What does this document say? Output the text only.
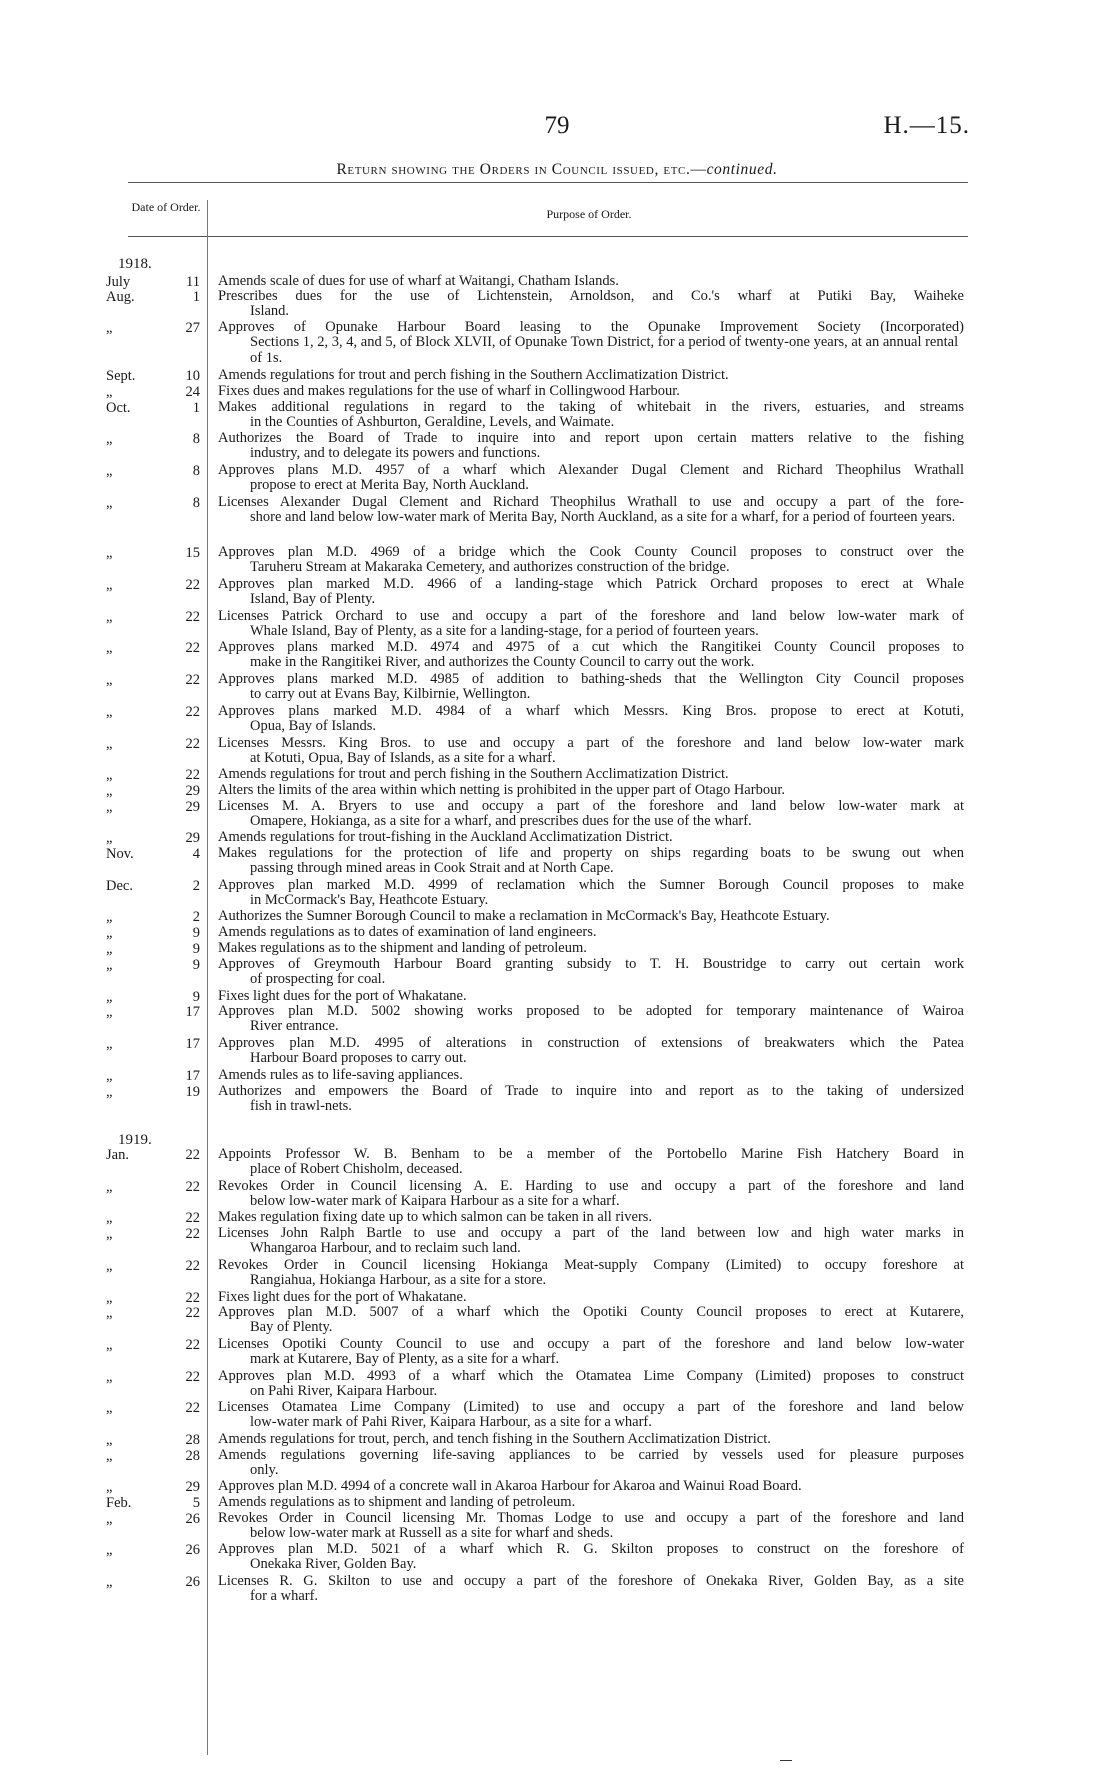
79	H.—15.
Return showing the Orders in Council issued, etc.—continued.
Date of Order.	Purpose of Order.
1918.
1919.
July	11 Amends scale of dues for use of wharf at Waitangi, Chatham Islands.
Aug.	1 Prescribes dues for the use of Lichtenstein, Arnoldson, and Co.'s wharf at Putiki Bay, Waiheke
Island.
„	27 Approves of Opunake Harbour Board leasing to the Opunake Improvement Society (Incorporated)
Sections 1, 2, 3, 4, and 5, of Block XLVII, of Opunake Town District, for a period of twenty-one years, at an annual rental of 1s.
Sept.	10 Amends regulations for trout and perch fishing in the Southern Acclimatization District.
„	24 Fixes dues and makes regulations for the use of wharf in Collingwood Harbour.
Oct.	1 Makes additional regulations in regard to the taking of whitebait in the rivers, estuaries, and streams
in the Counties of Ashburton, Geraldine, Levels, and Waimate.
„	8 Authorizes the Board of Trade to inquire into and report upon certain matters relative to the fishing
industry, and to delegate its powers and functions.
„	8 Approves plans M.D. 4957 of a wharf which Alexander Dugal Clement and Richard Theophilus Wrathall
propose to erect at Merita Bay, North Auckland.
„	8 Licenses Alexander Dugal Clement and Richard Theophilus Wrathall to use and occupy a part of the fore-
shore and land below low-water mark of Merita Bay, North Auckland, as a site for a wharf, for a period of fourteen years.
„	15 Approves plan M.D. 4969 of a bridge which the Cook County Council proposes to construct over the
Taruheru Stream at Makaraka Cemetery, and authorizes construction of the bridge.
„	22 Approves plan marked M.D. 4966 of a landing-stage which Patrick Orchard proposes to erect at Whale
Island, Bay of Plenty.
„	22 Licenses Patrick Orchard to use and occupy a part of the foreshore and land below low-water mark of
Whale Island, Bay of Plenty, as a site for a landing-stage, for a period of fourteen years.
„	22 Approves plans marked M.D. 4974 and 4975 of a cut which the Rangitikei County Council proposes to
make in the Rangitikei River, and authorizes the County Council to carry out the work.
„	22 Approves plans marked M.D. 4985 of addition to bathing-sheds that the Wellington City Council proposes
to carry out at Evans Bay, Kilbirnie, Wellington.
„	22 Approves plans marked M.D. 4984 of a wharf which Messrs. King Bros. propose to erect at Kotuti,
Opua, Bay of Islands.
„	22 Licenses Messrs. King Bros. to use and occupy a part of the foreshore and land below low-water mark
at Kotuti, Opua, Bay of Islands, as a site for a wharf.
„	22 Amends regulations for trout and perch fishing in the Southern Acclimatization District.
„	29 Alters the limits of the area within which netting is prohibited in the upper part of Otago Harbour.
„	29 Licenses M. A. Bryers to use and occupy a part of the foreshore and land below low-water mark at
Omapere, Hokianga, as a site for a wharf, and prescribes dues for the use of the wharf.
„	29 Amends regulations for trout-fishing in the Auckland Acclimatization District.
Nov.	4 Makes regulations for the protection of life and property on ships regarding boats to be swung out when
passing through mined areas in Cook Strait and at North Cape.
Dec.	2 Approves plan marked M.D. 4999 of reclamation which the Sumner Borough Council proposes to make
in McCormack's Bay, Heathcote Estuary.
„	2 Authorizes the Sumner Borough Council to make a reclamation in McCormack's Bay, Heathcote Estuary.
„	9 Amends regulations as to dates of examination of land engineers.
„	9 Makes regulations as to the shipment and landing of petroleum.
„	9 Approves of Greymouth Harbour Board granting subsidy to T. H. Boustridge to carry out certain work
of prospecting for coal.
„	9 Fixes light dues for the port of Whakatane.
„	17 Approves plan M.D. 5002 showing works proposed to be adopted for temporary maintenance of Wairoa
River entrance.
„	17 Approves plan M.D. 4995 of alterations in construction of extensions of breakwaters which the Patea
Harbour Board proposes to carry out.
„	17 Amends rules as to life-saving appliances.
„	19 Authorizes and empowers the Board of Trade to inquire into and report as to the taking of undersized
fish in trawl-nets.
Jan.	22 Appoints Professor W. B. Benham to be a member of the Portobello Marine Fish Hatchery Board in
place of Robert Chisholm, deceased.
„	22 Revokes Order in Council licensing A. E. Harding to use and occupy a part of the foreshore and land
below low-water mark of Kaipara Harbour as a site for a wharf.
„	22 Makes regulation fixing date up to which salmon can be taken in all rivers.
„	22 Licenses John Ralph Bartle to use and occupy a part of the land between low and high water marks in
Whangaroa Harbour, and to reclaim such land.
„	22 Revokes Order in Council licensing Hokianga Meat-supply Company (Limited) to occupy foreshore at
Rangiahua, Hokianga Harbour, as a site for a store.
„	22 Fixes light dues for the port of Whakatane.
„	22 Approves plan M.D. 5007 of a wharf which the Opotiki County Council proposes to erect at Kutarere,
Bay of Plenty.
„	22 Licenses Opotiki County Council to use and occupy a part of the foreshore and land below low-water
mark at Kutarere, Bay of Plenty, as a site for a wharf.
„	22 Approves plan M.D. 4993 of a wharf which the Otamatea Lime Company (Limited) proposes to construct
on Pahi River, Kaipara Harbour.
„	22 Licenses Otamatea Lime Company (Limited) to use and occupy a part of the foreshore and land below
low-water mark of Pahi River, Kaipara Harbour, as a site for a wharf.
„	28 Amends regulations for trout, perch, and tench fishing in the Southern Acclimatization District.
„	28 Amends regulations governing life-saving appliances to be carried by vessels used for pleasure purposes
only.
„	29 Approves plan M.D. 4994 of a concrete wall in Akaroa Harbour for Akaroa and Wainui Road Board.
Feb.	5 Amends regulations as to shipment and landing of petroleum.
„	26 Revokes Order in Council licensing Mr. Thomas Lodge to use and occupy a part of the foreshore and land
below low-water mark at Russell as a site for wharf and sheds.
„	26 Approves plan M.D. 5021 of a wharf which R. G. Skilton proposes to construct on the foreshore of
Onekaka River, Golden Bay.
„	26 Licenses R. G. Skilton to use and occupy a part of the foreshore of Onekaka River, Golden Bay, as a site
for a wharf.
